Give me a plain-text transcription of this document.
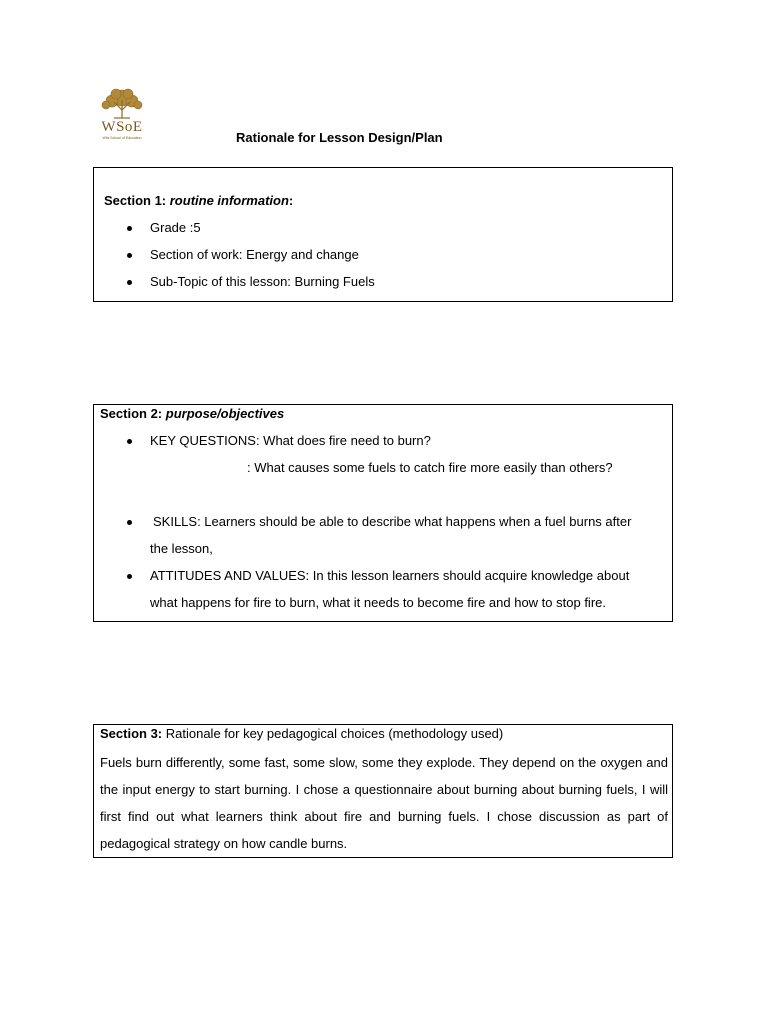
WSoE
Wits School of Education	Rationale for Lesson Design/Plan
Section 1: routine information:
Grade :5
Section of work: Energy and change
Sub-Topic of this lesson: Burning Fuels
Section 2: purpose/objectives
KEY QUESTIONS: What does fire need to burn?
: What causes some fuels to catch fire more easily than others?
SKILLS: Learners should be able to describe what happens when a fuel burns after
the lesson,
ATTITUDES AND VALUES: In this lesson learners should acquire knowledge about
what happens for fire to burn, what it needs to become fire and how to stop fire.
Section 3: Rationale for key pedagogical choices (methodology used)
Fuels burn differently, some fast, some slow, some they explode. They depend on the oxygen and the input energy to start burning. I chose a questionnaire about burning about burning fuels, I will first find out what learners think about fire and burning fuels. I chose discussion as part of pedagogical strategy on how candle burns.
